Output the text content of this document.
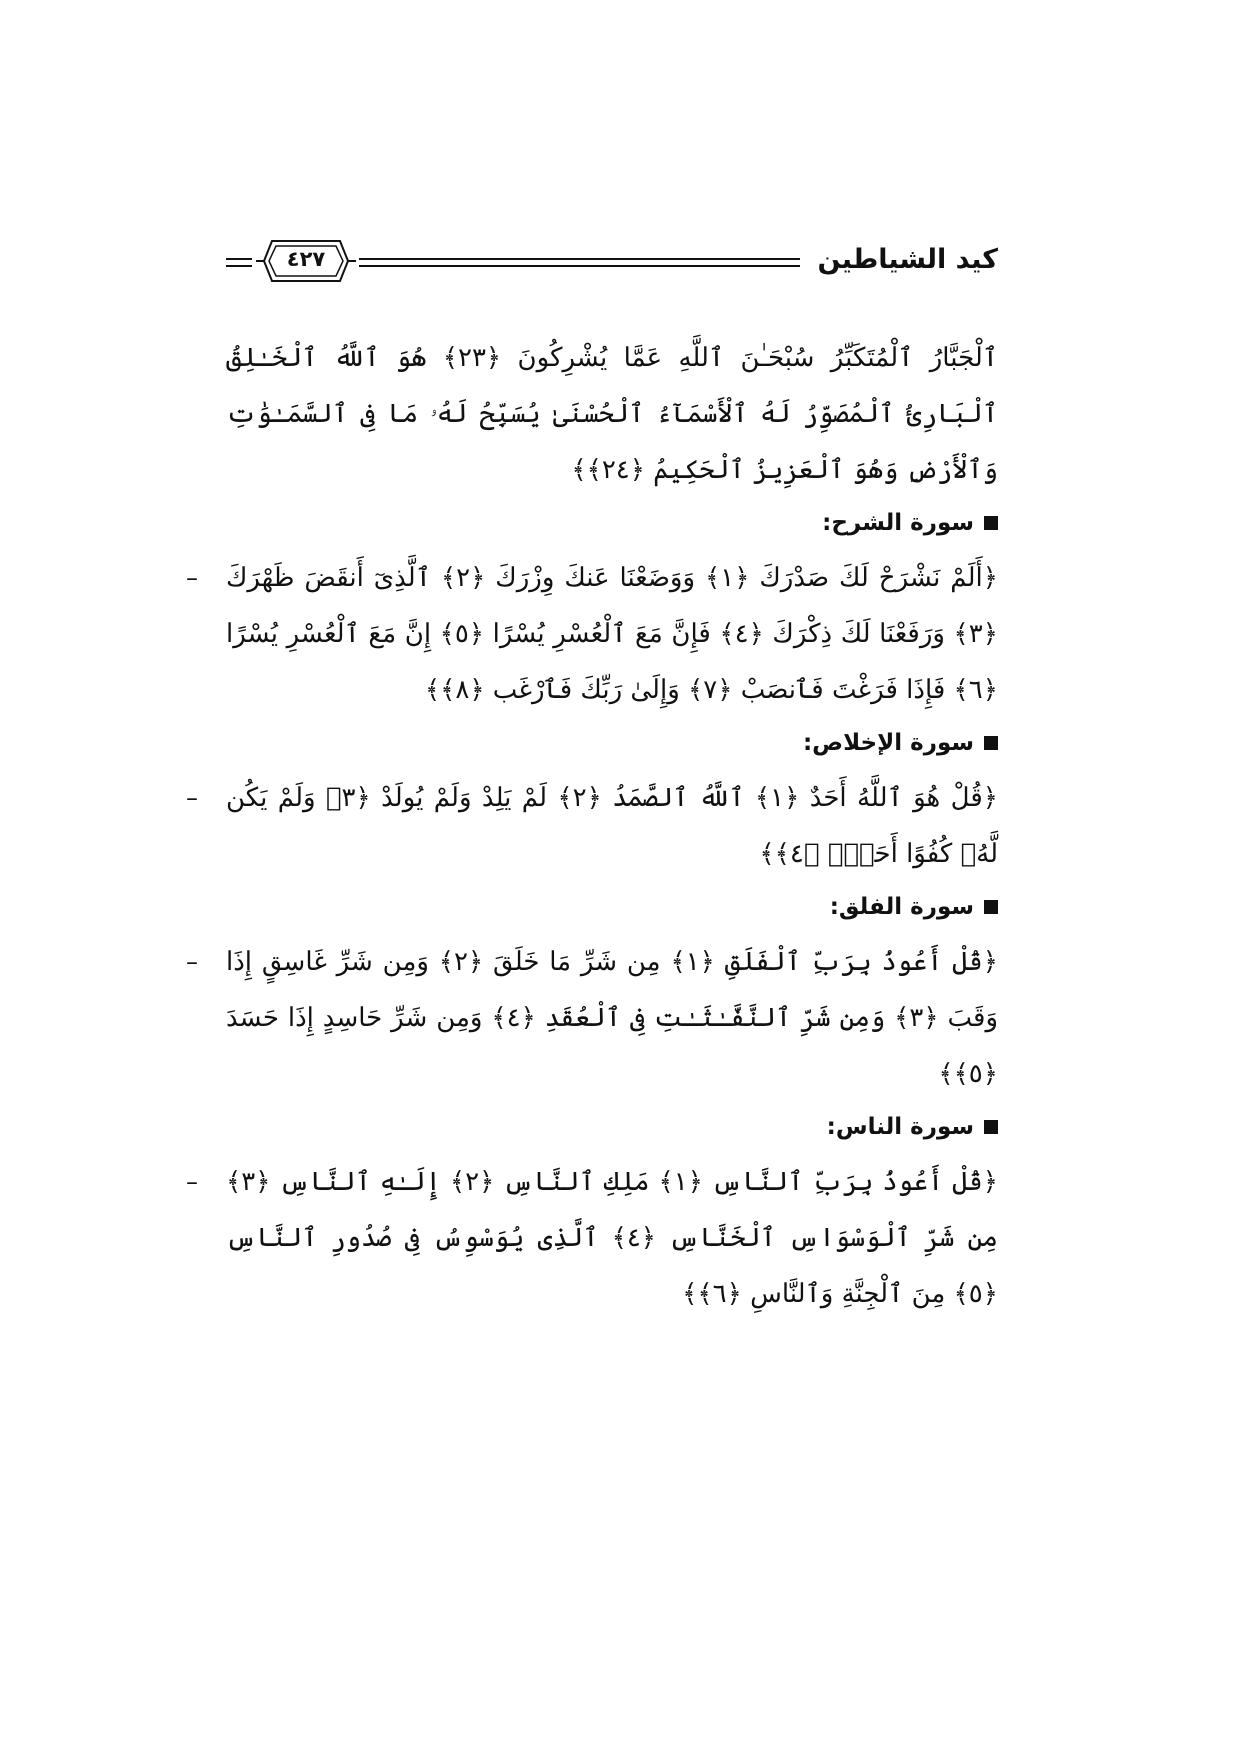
كيد الشياطين
٤٢٧
ٱلْجَبَّارُ ٱلْمُتَكَبِّرُ سُبْحَـٰنَ ٱللَّهِ عَمَّا يُشْرِكُونَ ﴿٢٣﴾ هُوَ ٱللَّهُ ٱلْخَـٰلِقُ ٱلْبَارِئُ ٱلْمُصَوِّرُ لَهُ ٱلْأَسْمَآءُ ٱلْحُسْنَىٰ يُسَبِّحُ لَهُۥ مَا فِى ٱلسَّمَـٰوَٰتِ وَٱلْأَرْضِ وَهُوَ ٱلْعَزِيزُ ٱلْحَكِيمُ ﴿٢٤﴾﴾
سورة الشرح:
– ﴿أَلَمْ نَشْرَحْ لَكَ صَدْرَكَ ﴿١﴾ وَوَضَعْنَا عَنكَ وِزْرَكَ ﴿٢﴾ ٱلَّذِىٓ أَنقَضَ ظَهْرَكَ ﴿٣﴾ وَرَفَعْنَا لَكَ ذِكْرَكَ ﴿٤﴾ فَإِنَّ مَعَ ٱلْعُسْرِ يُسْرًا ﴿٥﴾ إِنَّ مَعَ ٱلْعُسْرِ يُسْرًا ﴿٦﴾ فَإِذَا فَرَغْتَ فَٱنصَبْ ﴿٧﴾ وَإِلَىٰ رَبِّكَ فَٱرْغَب ﴿٨﴾﴾
سورة الإخلاص:
– ﴿قُلْ هُوَ ٱللَّهُ أَحَدٌ ﴿١﴾ ٱللَّهُ ٱلصَّمَدُ ﴿٢﴾ لَمْ يَلِدْ وَلَمْ يُولَدْ ﴿٣﴾ وَلَمْ يَكُن لَّهُۥ كُفُوًا أَحَدٌۢ ﴿٤﴾﴾
سورة الفلق:
– ﴿قُلْ أَعُوذُ بِرَبِّ ٱلْفَلَقِ ﴿١﴾ مِن شَرِّ مَا خَلَقَ ﴿٢﴾ وَمِن شَرِّ غَاسِقٍ إِذَا وَقَبَ ﴿٣﴾ وَمِن شَرِّ ٱلنَّفَّـٰثَـٰتِ فِى ٱلْعُقَدِ ﴿٤﴾ وَمِن شَرِّ حَاسِدٍ إِذَا حَسَدَ ﴿٥﴾﴾
سورة الناس:
– ﴿قُلْ أَعُوذُ بِرَبِّ ٱلنَّاسِ ﴿١﴾ مَلِكِ ٱلنَّاسِ ﴿٢﴾ إِلَـٰهِ ٱلنَّاسِ ﴿٣﴾ مِن شَرِّ ٱلْوَسْوَاسِ ٱلْخَنَّاسِ ﴿٤﴾ ٱلَّذِى يُوَسْوِسُ فِى صُدُورِ ٱلنَّاسِ ﴿٥﴾ مِنَ ٱلْجِنَّةِ وَٱلنَّاسِ ﴿٦﴾﴾
